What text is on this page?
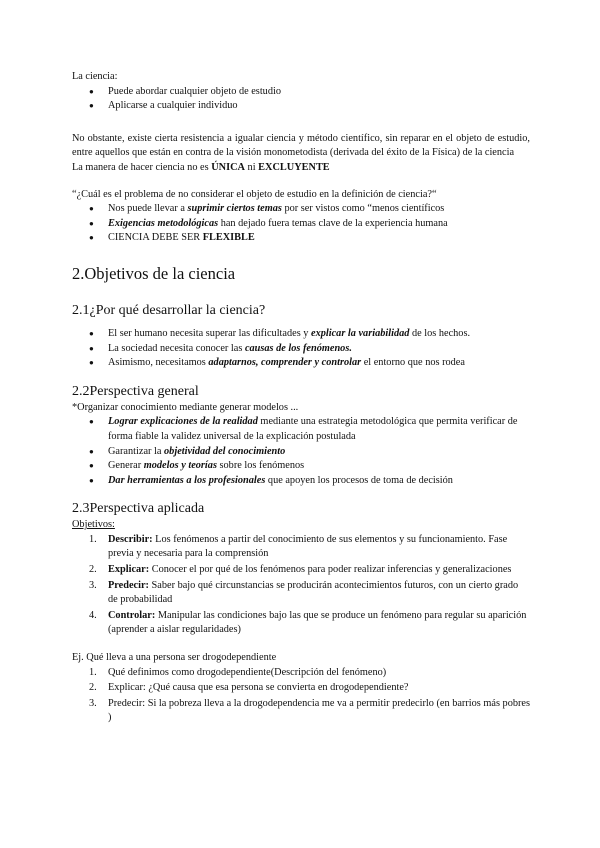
La ciencia:

● Puede abordar cualquier objeto de estudio
● Aplicarse a cualquier individuo

No obstante, existe cierta resistencia a igualar ciencia y método científico, sin reparar en el objeto de estudio, entre aquellos que están en contra de la visión monometodista (derivada del éxito de la Física) de la ciencia

La manera de hacer ciencia no es ÚNICA ni EXCLUYENTE

“¿Cuál es el problema de no considerar el objeto de estudio en la definición de ciencia?“

● Nos puede llevar a suprimir ciertos temas por ser vistos como “menos científicos
● Exigencias metodológicas han dejado fuera temas clave de la experiencia humana
● CIENCIA DEBE SER FLEXIBLE
2.Objetivos de la ciencia
2.1¿Por qué desarrollar la ciencia?
● El ser humano necesita superar las dificultades y explicar la variabilidad de los hechos.
● La sociedad necesita conocer las causas de los fenómenos.
● Asimismo, necesitamos adaptarnos, comprender y controlar el entorno que nos rodea
2.2Perspectiva general

*Organizar conocimiento mediante generar modelos ...

● Lograr explicaciones de la realidad mediante una estrategia metodológica que permita verificar de forma fiable la validez universal de la explicación postulada
● Garantizar la objetividad del conocimiento
● Generar modelos y teorías sobre los fenómenos
● Dar herramientas a los profesionales que apoyen los procesos de toma de decisión
2.3Perspectiva aplicada

Objetivos:

1. Describir: Los fenómenos a partir del conocimiento de sus elementos y su funcionamiento. Fase previa y necesaria para la comprensión
2. Explicar: Conocer el por qué de los fenómenos para poder realizar inferencias y generalizaciones
3. Predecir: Saber bajo qué circunstancias se producirán acontecimientos futuros, con un cierto grado de probabilidad
4. Controlar: Manipular las condiciones bajo las que se produce un fenómeno para regular su aparición (aprender a aislar regularidades)

Ej. Qué lleva a una persona ser drogodependiente

1. Qué definimos como drogodependiente(Descripción del fenómeno)
2. Explicar: ¿Qué causa que esa persona se convierta en drogodependiente?
3. Predecir: Si la pobreza lleva a la drogodependencia me va a permitir predecirlo (en barrios más pobres )
